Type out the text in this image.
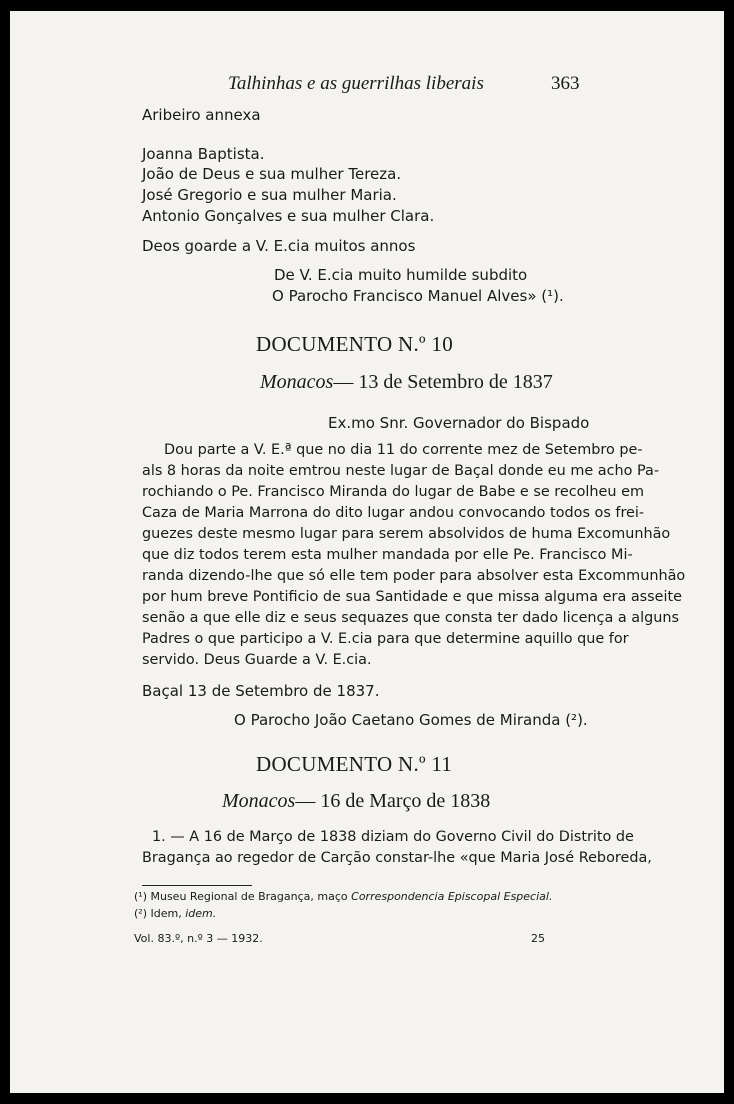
Talhinhas e as guerrilhas liberais	363
Aribeiro annexa
Joanna Baptista.
João de Deus e sua mulher Tereza.
José Gregorio e sua mulher Maria.
Antonio Gonçalves e sua mulher Clara.
Deos goarde a V. E.cia muitos annos
De V. E.cia muito humilde subdito
O Parocho Francisco Manuel Alves» (¹).
DOCUMENTO N.º 10
Monacos— 13 de Setembro de 1837
Ex.mo Snr. Governador do Bispado
Dou parte a V. E.ª que no dia 11 do corrente mez de Setembro pe-
als 8 horas da noite emtrou neste lugar de Baçal donde eu me acho Pa-
rochiando o Pe. Francisco Miranda do lugar de Babe e se recolheu em
Caza de Maria Marrona do dito lugar andou convocando todos os frei-
guezes deste mesmo lugar para serem absolvidos de huma Excomunhão
que diz todos terem esta mulher mandada por elle Pe. Francisco Mi-
randa dizendo-lhe que só elle tem poder para absolver esta Excommunhão
por hum breve Pontificio de sua Santidade e que missa alguma era asseite
senão a que elle diz e seus sequazes que consta ter dado licença a alguns
Padres o que participo a V. E.cia para que determine aquillo que for
servido. Deus Guarde a V. E.cia.
Baçal 13 de Setembro de 1837.
O Parocho João Caetano Gomes de Miranda (²).
DOCUMENTO N.º 11
Monacos— 16 de Março de 1838
1. — A 16 de Março de 1838 diziam do Governo Civil do Distrito de
Bragança ao regedor de Carção constar-lhe «que Maria José Reboreda,
(¹) Museu Regional de Bragança, maço Correspondencia Episcopal Especial.
(²) Idem, idem.
Vol. 83.º, n.º 3 — 1932.	25
